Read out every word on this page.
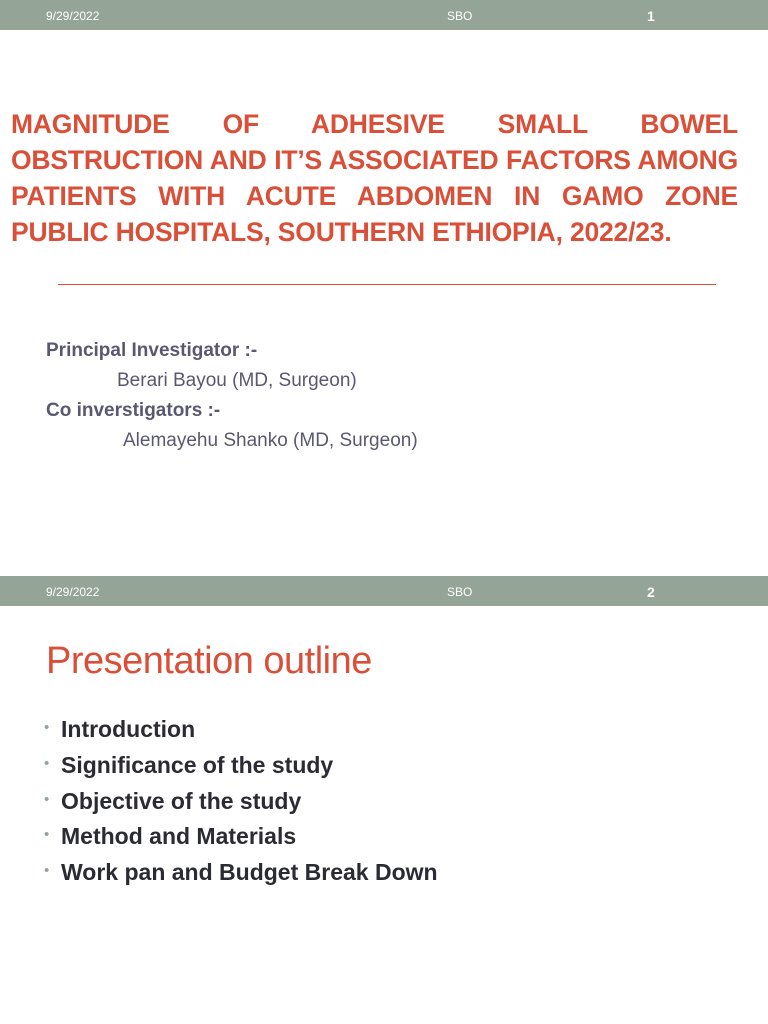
9/29/2022	SBO	1
MAGNITUDE OF ADHESIVE SMALL BOWEL OBSTRUCTION AND IT’S ASSOCIATED FACTORS AMONG PATIENTS WITH ACUTE ABDOMEN IN GAMO ZONE PUBLIC HOSPITALS, SOUTHERN ETHIOPIA, 2022/23.
Principal Investigator :-
Berari Bayou (MD, Surgeon)
Co inverstigators :-
Alemayehu Shanko (MD, Surgeon)
9/29/2022	SBO	2
Presentation outline
• Introduction
• Significance of the study
• Objective of the study
• Method and Materials
• Work pan and Budget Break Down
